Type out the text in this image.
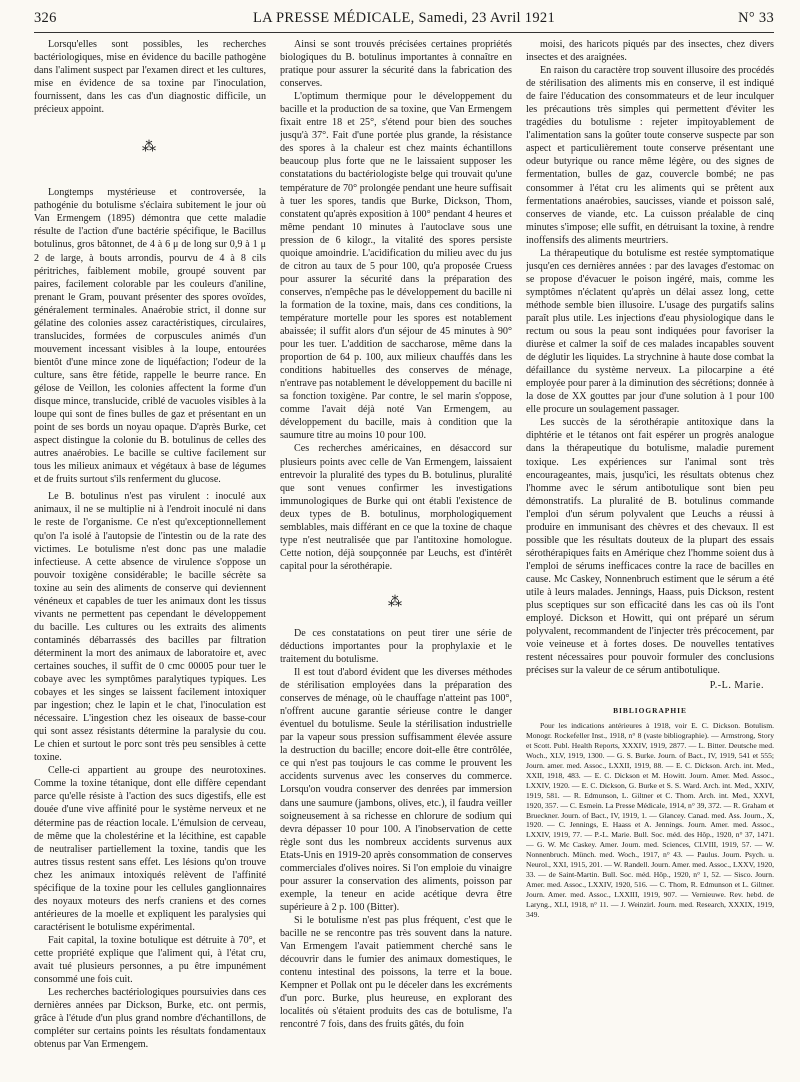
326	LA PRESSE MÉDICALE, Samedi, 23 Avril 1921	N° 33

Lorsqu'elles sont possibles, les recherches bactériologiques, mise en évidence du bacille pathogène dans l'aliment suspect par l'examen direct et les cultures, mise en évidence de sa toxine par l'inoculation, fournissent, dans les cas d'un diagnostic difficile, un précieux appoint.

⁂

Longtemps mystérieuse et controversée, la pathogénie du botulisme s'éclaira subitement le jour où Van Ermengem (1895) démontra que cette maladie résulte de l'action d'une bactérie spécifique, le Bacillus botulinus, gros bâtonnet, de 4 à 6 μ de long sur 0,9 à 1 μ 2 de large, à bouts arrondis, pourvu de 4 à 8 cils péritriches, faiblement mobile, groupé souvent par paires, facilement colorable par les couleurs d'aniline, prenant le Gram, pouvant présenter des spores ovoïdes, généralement terminales. Anaérobie strict, il donne sur gélatine des colonies assez caractéristiques, circulaires, translucides, formées de corpuscules animés d'un mouvement incessant visibles à la loupe, entourées bientôt d'une mince zone de liquéfaction; l'odeur de la culture, sans être fétide, rappelle le beurre rance. En gélose de Veillon, les colonies affectent la forme d'un disque mince, translucide, criblé de vacuoles visibles à la loupe qui sont de fines bulles de gaz et présentant en un point de ses bords un noyau opaque. D'après Burke, cet aspect distingue la colonie du B. botulinus de celles des autres anaérobies. Le bacille se cultive facilement sur tous les milieux animaux et végétaux à base de légumes et de fruits surtout s'ils renferment du glucose.

Le B. botulinus n'est pas virulent : inoculé aux animaux, il ne se multiplie ni à l'endroit inoculé ni dans le reste de l'organisme. Ce n'est qu'exceptionnellement qu'on l'a isolé à l'autopsie de l'intestin ou de la rate des victimes. Le botulisme n'est donc pas une maladie infectieuse. A cette absence de virulence s'oppose un pouvoir toxigène considérable; le bacille sécrète sa toxine au sein des aliments de conserve qui deviennent vénéneux et capables de tuer les animaux dont les tissus vivants ne permettent pas cependant le développement du bacille. Les cultures ou les extraits des aliments contaminés débarrassés des bacilles par filtration déterminent la mort des animaux de laboratoire et, avec certaines souches, il suffit de 0 cmc 00005 pour tuer le cobaye avec les symptômes paralytiques typiques. Les cobayes et les singes se laissent facilement intoxiquer par ingestion; chez le lapin et le chat, l'inoculation est nécessaire. L'ingestion chez les oiseaux de basse-cour qui sont assez résistants détermine la paralysie du cou. Le chien et surtout le porc sont très peu sensibles à cette toxine.

Celle-ci appartient au groupe des neurotoxines. Comme la toxine tétanique, dont elle diffère cependant parce qu'elle résiste à l'action des sucs digestifs, elle est douée d'une vive affinité pour le système nerveux et ne détermine pas de réaction locale. L'émulsion de cerveau, de même que la cholestérine et la lécithine, est capable de neutraliser partiellement la toxine, tandis que les autres tissus restent sans effet. Les lésions qu'on trouve chez les animaux intoxiqués relèvent de l'affinité spécifique de la toxine pour les cellules ganglionnaires des noyaux moteurs des nerfs craniens et des cornes antérieures de la moelle et expliquent les paralysies qui caractérisent le botulisme expérimental.

Fait capital, la toxine botulique est détruite à 70°, et cette propriété explique que l'aliment qui, à l'état cru, avait tué plusieurs personnes, a pu être impunément consommé une fois cuit.

Les recherches bactériologiques poursuivies dans ces dernières années par Dickson, Burke, etc. ont permis, grâce à l'étude d'un plus grand nombre d'échantillons, de compléter sur certains points les résultats fondamentaux obtenus par Van Ermengem.

Ainsi se sont trouvés précisées certaines propriétés biologiques du B. botulinus importantes à connaître en pratique pour assurer la sécurité dans la fabrication des conserves.

L'optimum thermique pour le développement du bacille et la production de sa toxine, que Van Ermengem fixait entre 18 et 25°, s'étend pour bien des souches jusqu'à 37°. Fait d'une portée plus grande, la résistance des spores à la chaleur est chez maints échantillons beaucoup plus forte que ne le laissaient supposer les constatations du bactériologiste belge qui trouvait qu'une température de 70° prolongée pendant une heure suffisait à tuer les spores, tandis que Burke, Dickson, Thom, constatent qu'après exposition à 100° pendant 4 heures et même pendant 10 minutes à l'autoclave sous une pression de 6 kilogr., la vitalité des spores persiste quoique amoindrie. L'acidification du milieu avec du jus de citron au taux de 5 pour 100, qu'a proposée Cruess pour assurer la sécurité dans la préparation des conserves, n'empêche pas le développement du bacille ni la formation de la toxine, mais, dans ces conditions, la température mortelle pour les spores est notablement abaissée; il suffit alors d'un séjour de 45 minutes à 90° pour les tuer. L'addition de saccharose, même dans la proportion de 64 p. 100, aux milieux chauffés dans les conditions habituelles des conserves de ménage, n'entrave pas notablement le développement du bacille ni sa fonction toxigène. Par contre, le sel marin s'oppose, comme l'avait déjà noté Van Ermengem, au développement du bacille, mais à condition que la saumure titre au moins 10 pour 100.

Ces recherches américaines, en désaccord sur plusieurs points avec celle de Van Ermengem, laissaient entrevoir la pluralité des types du B. botulinus, pluralité que sont venues confirmer les investigations immunologiques de Burke qui ont établi l'existence de deux types de B. botulinus, morphologiquement semblables, mais différant en ce que la toxine de chaque type n'est neutralisée que par l'antitoxine homologue. Cette notion, déjà soupçonnée par Leuchs, est d'intérêt capital pour la sérothérapie.

⁂

De ces constatations on peut tirer une série de déductions importantes pour la prophylaxie et le traitement du botulisme.

Il est tout d'abord évident que les diverses méthodes de stérilisation employées dans la préparation des conserves de ménage, où le chauffage n'atteint pas 100°, n'offrent aucune garantie sérieuse contre le danger éventuel du botulisme. Seule la stérilisation industrielle par la vapeur sous pression suffisamment élevée assure la destruction du bacille; encore doit-elle être contrôlée, ce qui n'est pas toujours le cas comme le prouvent les accidents survenus avec les conserves du commerce. Lorsqu'on voudra conserver des denrées par immersion dans une saumure (jambons, olives, etc.), il faudra veiller soigneusement à sa richesse en chlorure de sodium qui devra dépasser 10 pour 100. A l'inobservation de cette règle sont dus les nombreux accidents survenus aux Etats-Unis en 1919-20 après consommation de conserves commerciales d'olives noires. Si l'on emploie du vinaigre pour assurer la conservation des aliments, poisson par exemple, la teneur en acide acétique devra être supérieure à 2 p. 100 (Bitter).

Si le botulisme n'est pas plus fréquent, c'est que le bacille ne se rencontre pas très souvent dans la nature. Van Ermengem l'avait patiemment cherché sans le découvrir dans le fumier des animaux domestiques, le contenu intestinal des poissons, la terre et la boue. Kempner et Pollak ont pu le déceler dans les excréments d'un porc. Burke, plus heureuse, en explorant des localités où s'étaient produits des cas de botulisme, l'a rencontré 7 fois, dans des fruits gâtés, du foin

moisi, des haricots piqués par des insectes, chez divers insectes et des araignées.

En raison du caractère trop souvent illusoire des procédés de stérilisation des aliments mis en conserve, il est indiqué de faire l'éducation des consommateurs et de leur inculquer les précautions très simples qui permettent d'éviter les tragédies du botulisme : rejeter impitoyablement de l'alimentation sans la goûter toute conserve suspecte par son aspect et particulièrement toute conserve présentant une odeur butyrique ou rance même légère, ou des signes de fermentation, bulles de gaz, couvercle bombé; ne pas consommer à l'état cru les aliments qui se prêtent aux fermentations anaérobies, saucisses, viande et poisson salé, conserves de viande, etc. La cuisson préalable de cinq minutes s'impose; elle suffit, en détruisant la toxine, à rendre inoffensifs des aliments meurtriers.

La thérapeutique du botulisme est restée symptomatique jusqu'en ces dernières années : par des lavages d'estomac on se propose d'évacuer le poison ingéré, mais, comme les symptômes n'éclatent qu'après un délai assez long, cette méthode semble bien illusoire. L'usage des purgatifs salins paraît plus utile. Les injections d'eau physiologique dans le rectum ou sous la peau sont indiquées pour favoriser la diurèse et calmer la soif de ces malades incapables souvent de déglutir les liquides. La strychnine à haute dose combat la défaillance du système nerveux. La pilocarpine a été employée pour parer à la diminution des sécrétions; donnée à la dose de XX gouttes par jour d'une solution à 1 pour 100 elle procure un soulagement passager.

Les succès de la sérothérapie antitoxique dans la diphtérie et le tétanos ont fait espérer un progrès analogue dans la thérapeutique du botulisme, maladie purement toxique. Les expériences sur l'animal sont très encourageantes, mais, jusqu'ici, les résultats obtenus chez l'homme avec le sérum antibotulique sont bien peu démonstratifs. La pluralité de B. botulinus commande l'emploi d'un sérum polyvalent que Leuchs a réussi à produire en immunisant des chèvres et des chevaux. Il est possible que les résultats douteux de la plupart des essais sérothérapiques faits en Amérique chez l'homme soient dus à l'emploi de sérums inefficaces contre la race de bacilles en cause. Mc Caskey, Nonnenbruch estiment que le sérum a été utile à leurs malades. Jennings, Haass, puis Dickson, restent plus sceptiques sur son efficacité dans les cas où ils l'ont employé. Dickson et Howitt, qui ont préparé un sérum polyvalent, recommandent de l'injecter très précocement, par voie veineuse et à fortes doses. De nouvelles tentatives restent nécessaires pour pouvoir formuler des conclusions précises sur la valeur de ce sérum antibotulique.

P.-L. Marie.
BIBLIOGRAPHIE

Pour les indications antérieures à 1918, voir E. C. Dickson. Botulism. Monogr. Rockefeller Inst., 1918, n° 8 (vaste bibliographie). — Armstrong, Story et Scott. Publ. Health Reports, XXXIV, 1919, 2877. — L. Bitter. Deutsche med. Woch., XLV, 1919, 1300. — G. S. Burke. Journ. of Bact., IV, 1919, 541 et 555; Journ. amer. med. Assoc., LXXII, 1919, 88. — E. C. Dickson. Arch. int. Med., XXII, 1918, 483. — E. C. Dickson et M. Howitt. Journ. Amer. Med. Assoc., LXXIV, 1920. — E. C. Dickson, G. Burke et S. S. Ward. Arch. int. Med., XXIV, 1919, 581. — R. Edmunson, L. Giltner et C. Thom. Arch. int. Med., XXVI, 1920, 357. — C. Esmein. La Presse Médicale, 1914, n° 39, 372. — R. Graham et Brueckner. Journ. of Bact., IV, 1919, 1. — Glancey. Canad. med. Ass. Journ., X, 1920. — C. Jennings, E. Haass et A. Jennings. Journ. Amer. med. Assoc., LXXIV, 1919, 77. — P.-L. Marie. Bull. Soc. méd. des Hôp., 1920, n° 37, 1471. — G. W. Mc Caskey. Amer. Journ. med. Sciences, CLVIII, 1919, 57. — W. Nonnenbruch. Münch. med. Woch., 1917, n° 43. — Paulus. Journ. Psych. u. Neurol., XXI, 1915, 201. — W. Randell. Journ. Amer. med. Assoc., LXXV, 1920, 33. — de Saint-Martin. Bull. Soc. méd. Hôp., 1920, n° 1, 52. — Sisco. Journ. Amer. med. Assoc., LXXIV, 1920, 516. — C. Thom, R. Edmunson et L. Giltner. Journ. Amer. med. Assoc., LXXIII, 1919, 907. — Vernieuwe. Rev. hebd. de Laryng., XLI, 1918, n° 11. — J. Weinzirl. Journ. med. Research, XXXIX, 1919, 349.
